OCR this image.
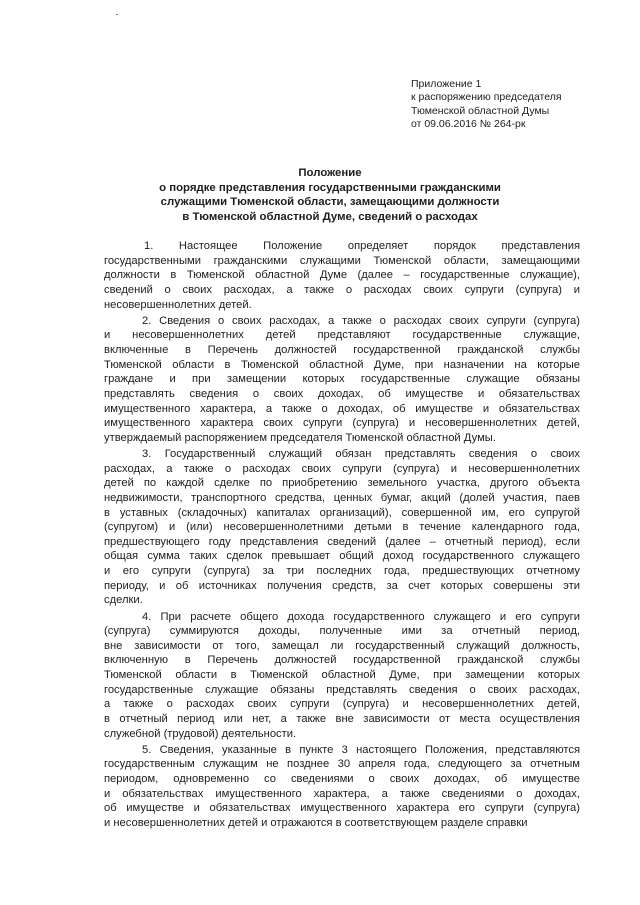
Приложение 1
к распоряжению председателя
Тюменской областной Думы
от 09.06.2016 № 264-рк
Положение
о порядке представления государственными гражданскими
служащими Тюменской области, замещающими должности
в Тюменской областной Думе, сведений о расходах
1. Настоящее Положение определяет порядок представления
государственными гражданскими служащими Тюменской области, замещающими
должности в Тюменской областной Думе (далее – государственные служащие),
сведений о своих расходах, а также о расходах своих супруги (супруга) и
несовершеннолетних детей.
2. Сведения о своих расходах, а также о расходах своих супруги (супруга)
и несовершеннолетних детей представляют государственные служащие,
включенные в Перечень должностей государственной гражданской службы
Тюменской области в Тюменской областной Думе, при назначении на которые
граждане и при замещении которых государственные служащие обязаны
представлять сведения о своих доходах, об имуществе и обязательствах
имущественного характера, а также о доходах, об имуществе и обязательствах
имущественного характера своих супруги (супруга) и несовершеннолетних детей,
утверждаемый распоряжением председателя Тюменской областной Думы.
3. Государственный служащий обязан представлять сведения о своих
расходах, а также о расходах своих супруги (супруга) и несовершеннолетних
детей по каждой сделке по приобретению земельного участка, другого объекта
недвижимости, транспортного средства, ценных бумаг, акций (долей участия, паев
в уставных (складочных) капиталах организаций), совершенной им, его супругой
(супругом) и (или) несовершеннолетними детьми в течение календарного года,
предшествующего году представления сведений (далее – отчетный период), если
общая сумма таких сделок превышает общий доход государственного служащего
и его супруги (супруга) за три последних года, предшествующих отчетному
периоду, и об источниках получения средств, за счет которых совершены эти
сделки.
4. При расчете общего дохода государственного служащего и его супруги
(супруга) суммируются доходы, полученные ими за отчетный период,
вне зависимости от того, замещал ли государственный служащий должность,
включенную в Перечень должностей государственной гражданской службы
Тюменской области в Тюменской областной Думе, при замещении которых
государственные служащие обязаны представлять сведения о своих расходах,
а также о расходах своих супруги (супруга) и несовершеннолетних детей,
в отчетный период или нет, а также вне зависимости от места осуществления
служебной (трудовой) деятельности.
5. Сведения, указанные в пункте 3 настоящего Положения, представляются
государственным служащим не позднее 30 апреля года, следующего за отчетным
периодом, одновременно со сведениями о своих доходах, об имуществе
и обязательствах имущественного характера, а также сведениями о доходах,
об имуществе и обязательствах имущественного характера его супруги (супруга)
и несовершеннолетних детей и отражаются в соответствующем разделе справки
